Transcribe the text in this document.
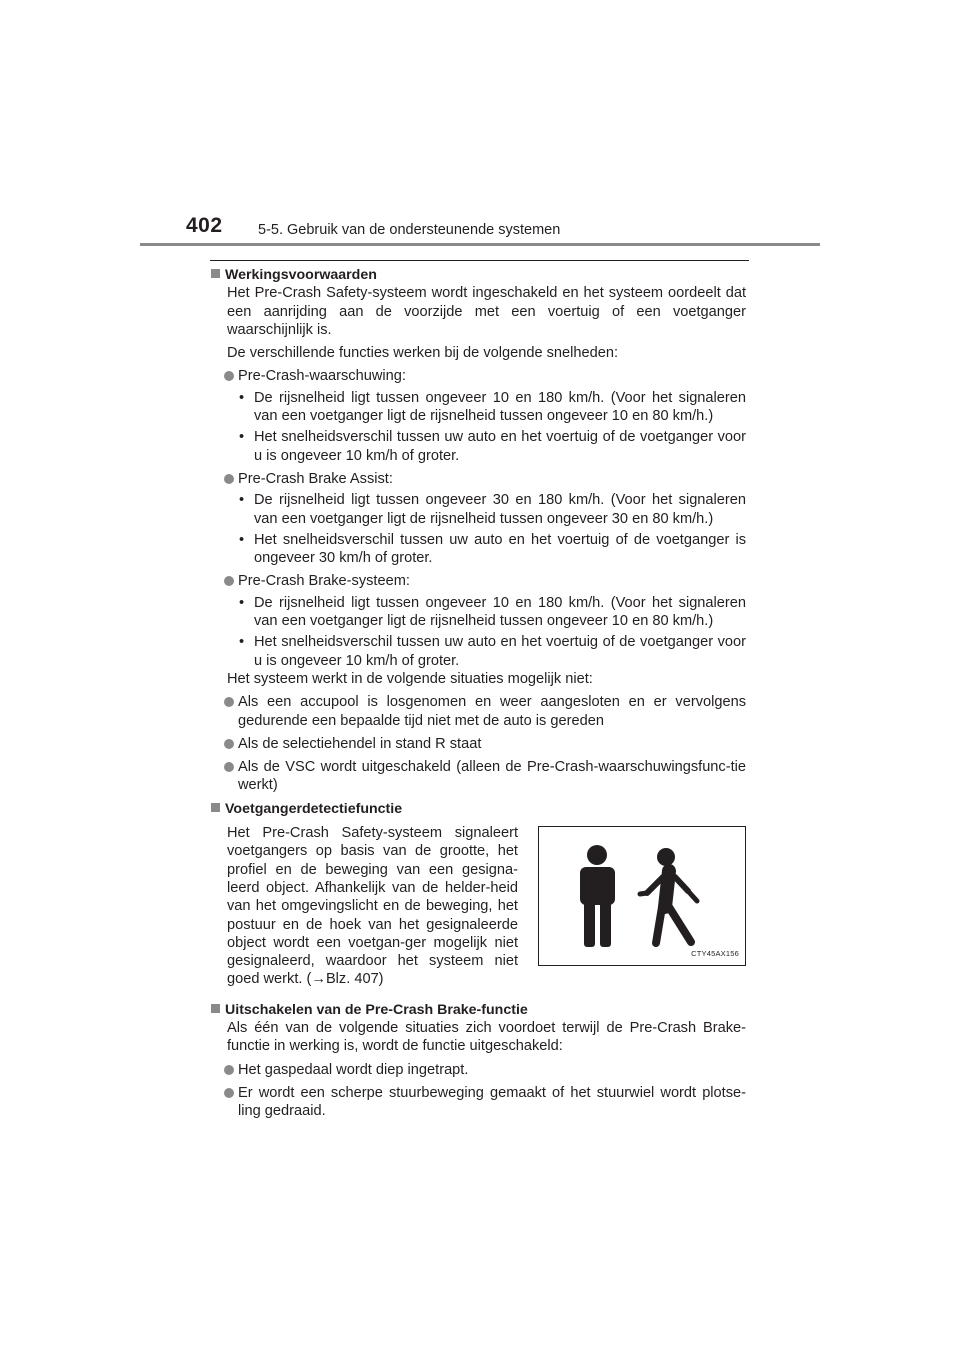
402 5-5. Gebruik van de ondersteunende systemen

Werkingsvoorwaarden

Het Pre-Crash Safety-systeem wordt ingeschakeld en het systeem oordeelt dat een aanrijding aan de voorzijde met een voertuig of een voetganger waarschijnlijk is.

De verschillende functies werken bij de volgende snelheden:

Pre-Crash-waarschuwing:
• De rijsnelheid ligt tussen ongeveer 10 en 180 km/h. (Voor het signaleren van een voetganger ligt de rijsnelheid tussen ongeveer 10 en 80 km/h.)
• Het snelheidsverschil tussen uw auto en het voertuig of de voetganger voor u is ongeveer 10 km/h of groter.
Pre-Crash Brake Assist:
• De rijsnelheid ligt tussen ongeveer 30 en 180 km/h. (Voor het signaleren van een voetganger ligt de rijsnelheid tussen ongeveer 30 en 80 km/h.)
• Het snelheidsverschil tussen uw auto en het voertuig of de voetganger is ongeveer 30 km/h of groter.
Pre-Crash Brake-systeem:
• De rijsnelheid ligt tussen ongeveer 10 en 180 km/h. (Voor het signaleren van een voetganger ligt de rijsnelheid tussen ongeveer 10 en 80 km/h.)
• Het snelheidsverschil tussen uw auto en het voertuig of de voetganger voor u is ongeveer 10 km/h of groter.

Het systeem werkt in de volgende situaties mogelijk niet:

Als een accupool is losgenomen en weer aangesloten en er vervolgens gedurende een bepaalde tijd niet met de auto is gereden
Als de selectiehendel in stand R staat
Als de VSC wordt uitgeschakeld (alleen de Pre-Crash-waarschuwingsfunc-tie werkt)

Voetgangerdetectiefunctie

Het Pre-Crash Safety-systeem signaleert voetgangers op basis van de grootte, het profiel en de beweging van een gesigna-leerd object. Afhankelijk van de helder-heid van het omgevingslicht en de beweging, het postuur en de hoek van het gesignaleerde object wordt een voetgan-ger mogelijk niet gesignaleerd, waardoor het systeem niet goed werkt. (→Blz. 407)

CTY45AX156

Uitschakelen van de Pre-Crash Brake-functie

Als één van de volgende situaties zich voordoet terwijl de Pre-Crash Brake-functie in werking is, wordt de functie uitgeschakeld:

Het gaspedaal wordt diep ingetrapt.
Er wordt een scherpe stuurbeweging gemaakt of het stuurwiel wordt plotse-ling gedraaid.
